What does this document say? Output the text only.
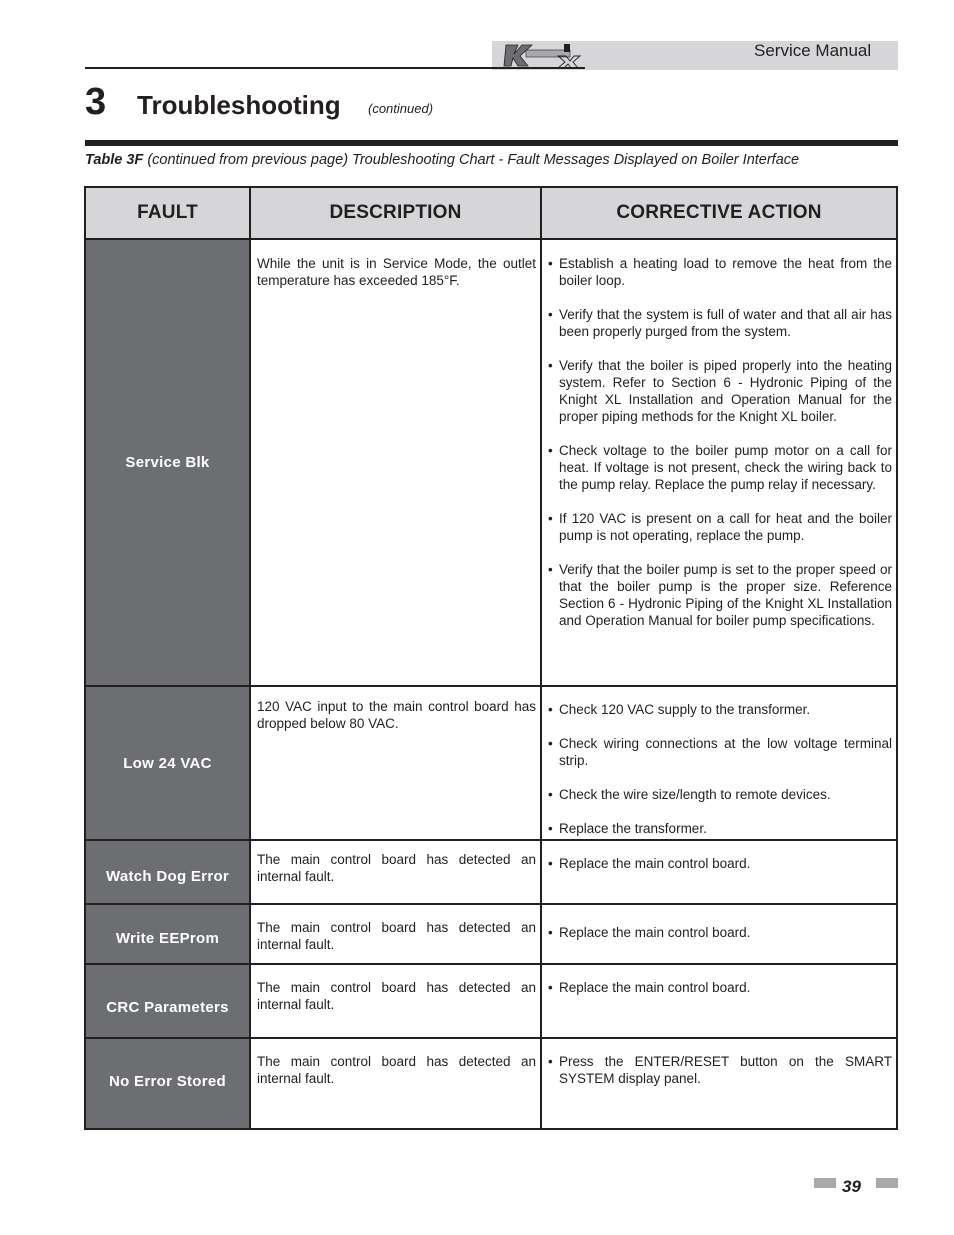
Service Manual
3 Troubleshooting (continued)
Table 3F (continued from previous page) Troubleshooting Chart - Fault Messages Displayed on Boiler Interface
FAULT	DESCRIPTION	CORRECTIVE ACTION
Service Blk
While the unit is in Service Mode, the outlet temperature has exceeded 185°F.
• Establish a heating load to remove the heat from the boiler loop.
• Verify that the system is full of water and that all air has been properly purged from the system.
• Verify that the boiler is piped properly into the heating system. Refer to Section 6 - Hydronic Piping of the Knight XL Installation and Operation Manual for the proper piping methods for the Knight XL boiler.
• Check voltage to the boiler pump motor on a call for heat. If voltage is not present, check the wiring back to the pump relay. Replace the pump relay if necessary.
• If 120 VAC is present on a call for heat and the boiler pump is not operating, replace the pump.
• Verify that the boiler pump is set to the proper speed or that the boiler pump is the proper size. Reference Section 6 - Hydronic Piping of the Knight XL Installation and Operation Manual for boiler pump specifications.
Low 24 VAC
120 VAC input to the main control board has dropped below 80 VAC.
• Check 120 VAC supply to the transformer.
• Check wiring connections at the low voltage terminal strip.
• Check the wire size/length to remote devices.
• Replace the transformer.
Watch Dog Error
The main control board has detected an internal fault.
• Replace the main control board.
Write EEProm
The main control board has detected an internal fault.
• Replace the main control board.
CRC Parameters
The main control board has detected an internal fault.
• Replace the main control board.
No Error Stored
The main control board has detected an internal fault.
• Press the ENTER/RESET button on the SMART SYSTEM display panel.
39
